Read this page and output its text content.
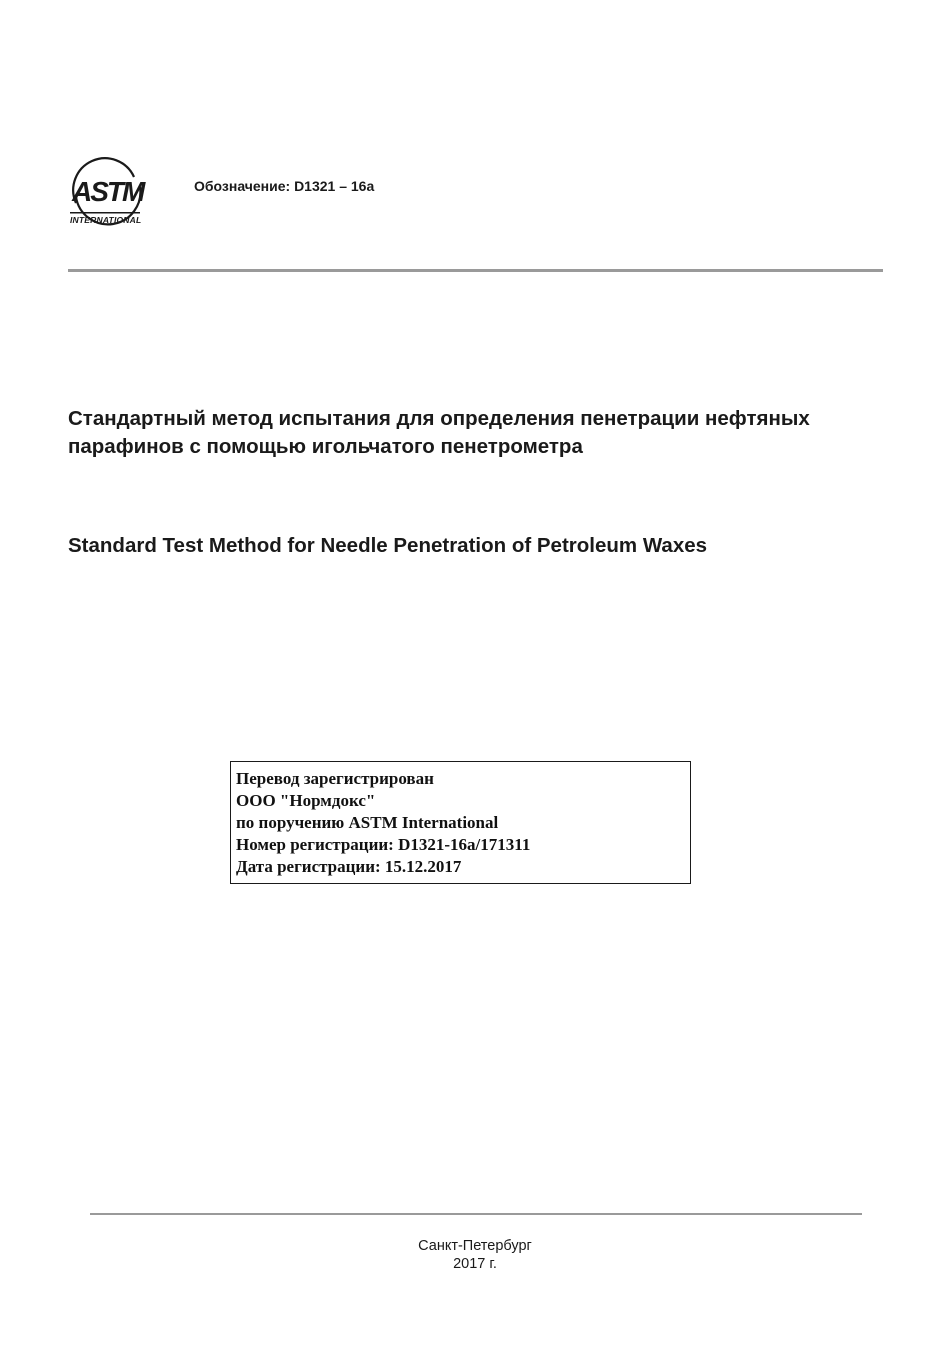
ASTM
INTERNATIONAL
Обозначение: D1321 – 16a
Стандартный метод испытания для определения пенетрации нефтяных парафинов с помощью игольчатого пенетрометра
Standard Test Method for Needle Penetration of Petroleum Waxes
Перевод зарегистрирован
ООО "Нормдокс"
по поручению ASTM International
Номер регистрации: D1321-16a/171311
Дата регистрации: 15.12.2017
Санкт-Петербург
2017 г.
